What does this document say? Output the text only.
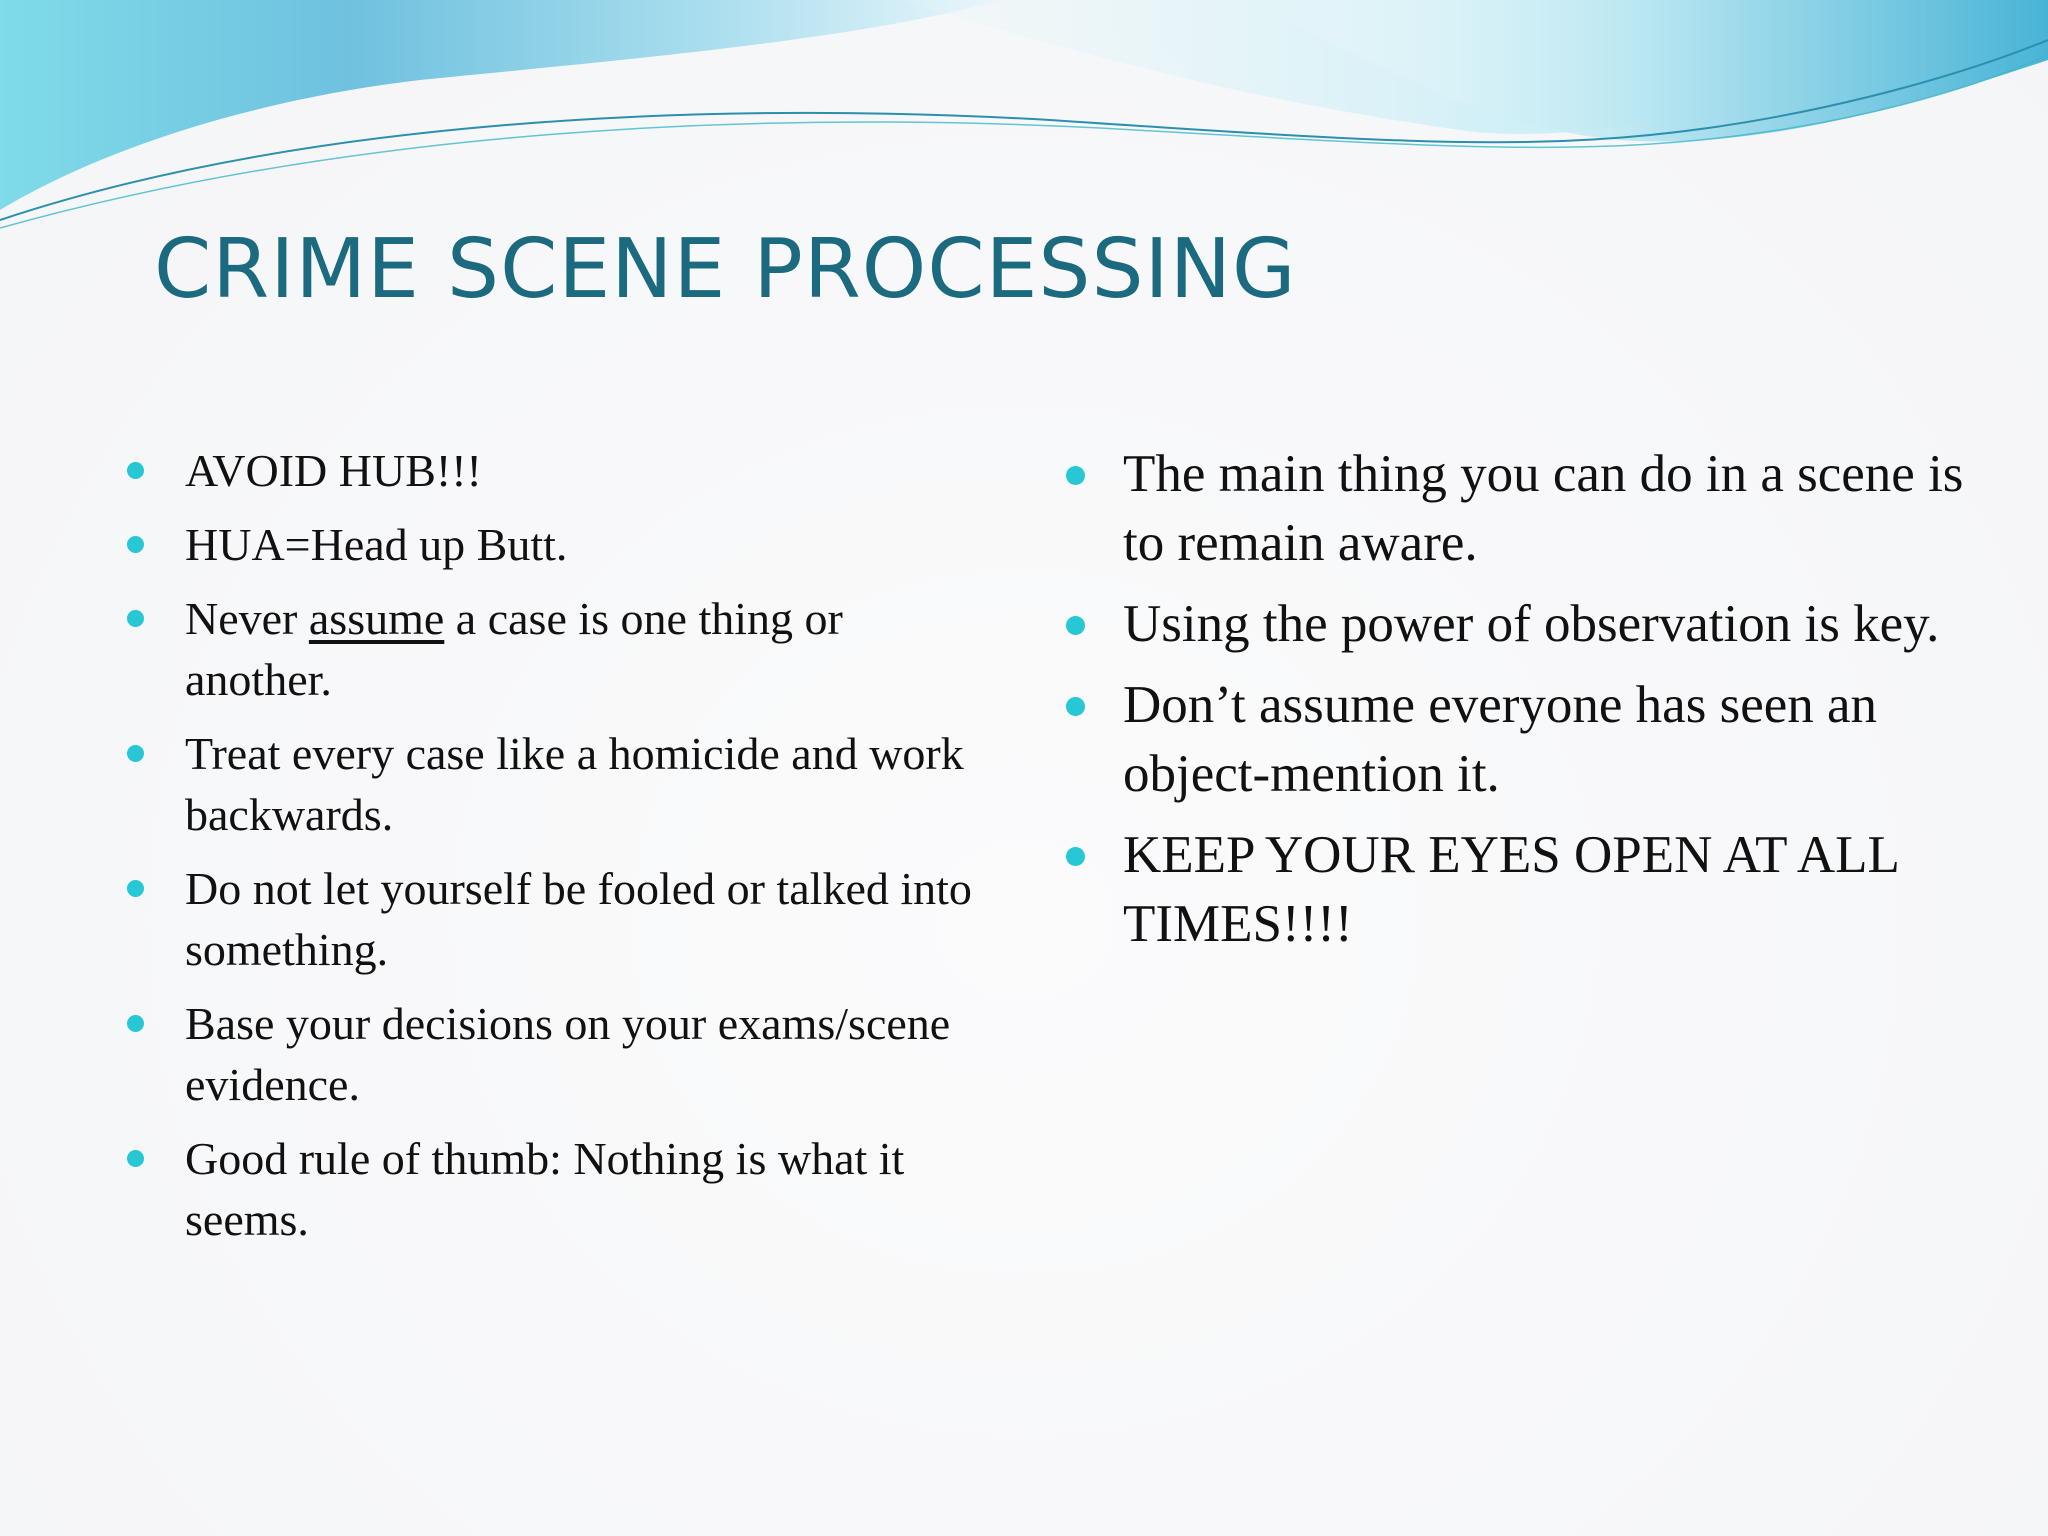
CRIME SCENE PROCESSING
AVOID HUB!!!
HUA=Head up Butt.
Never assume a case is one thing or another.
Treat every case like a homicide and work backwards.
Do not let yourself be fooled or talked into something.
Base your decisions on your exams/scene evidence.
Good rule of thumb: Nothing is what it seems.
The main thing you can do in a scene is to remain aware.
Using the power of observation is key.
Don’t assume everyone has seen an object-mention it.
KEEP YOUR EYES OPEN AT ALL TIMES!!!!
